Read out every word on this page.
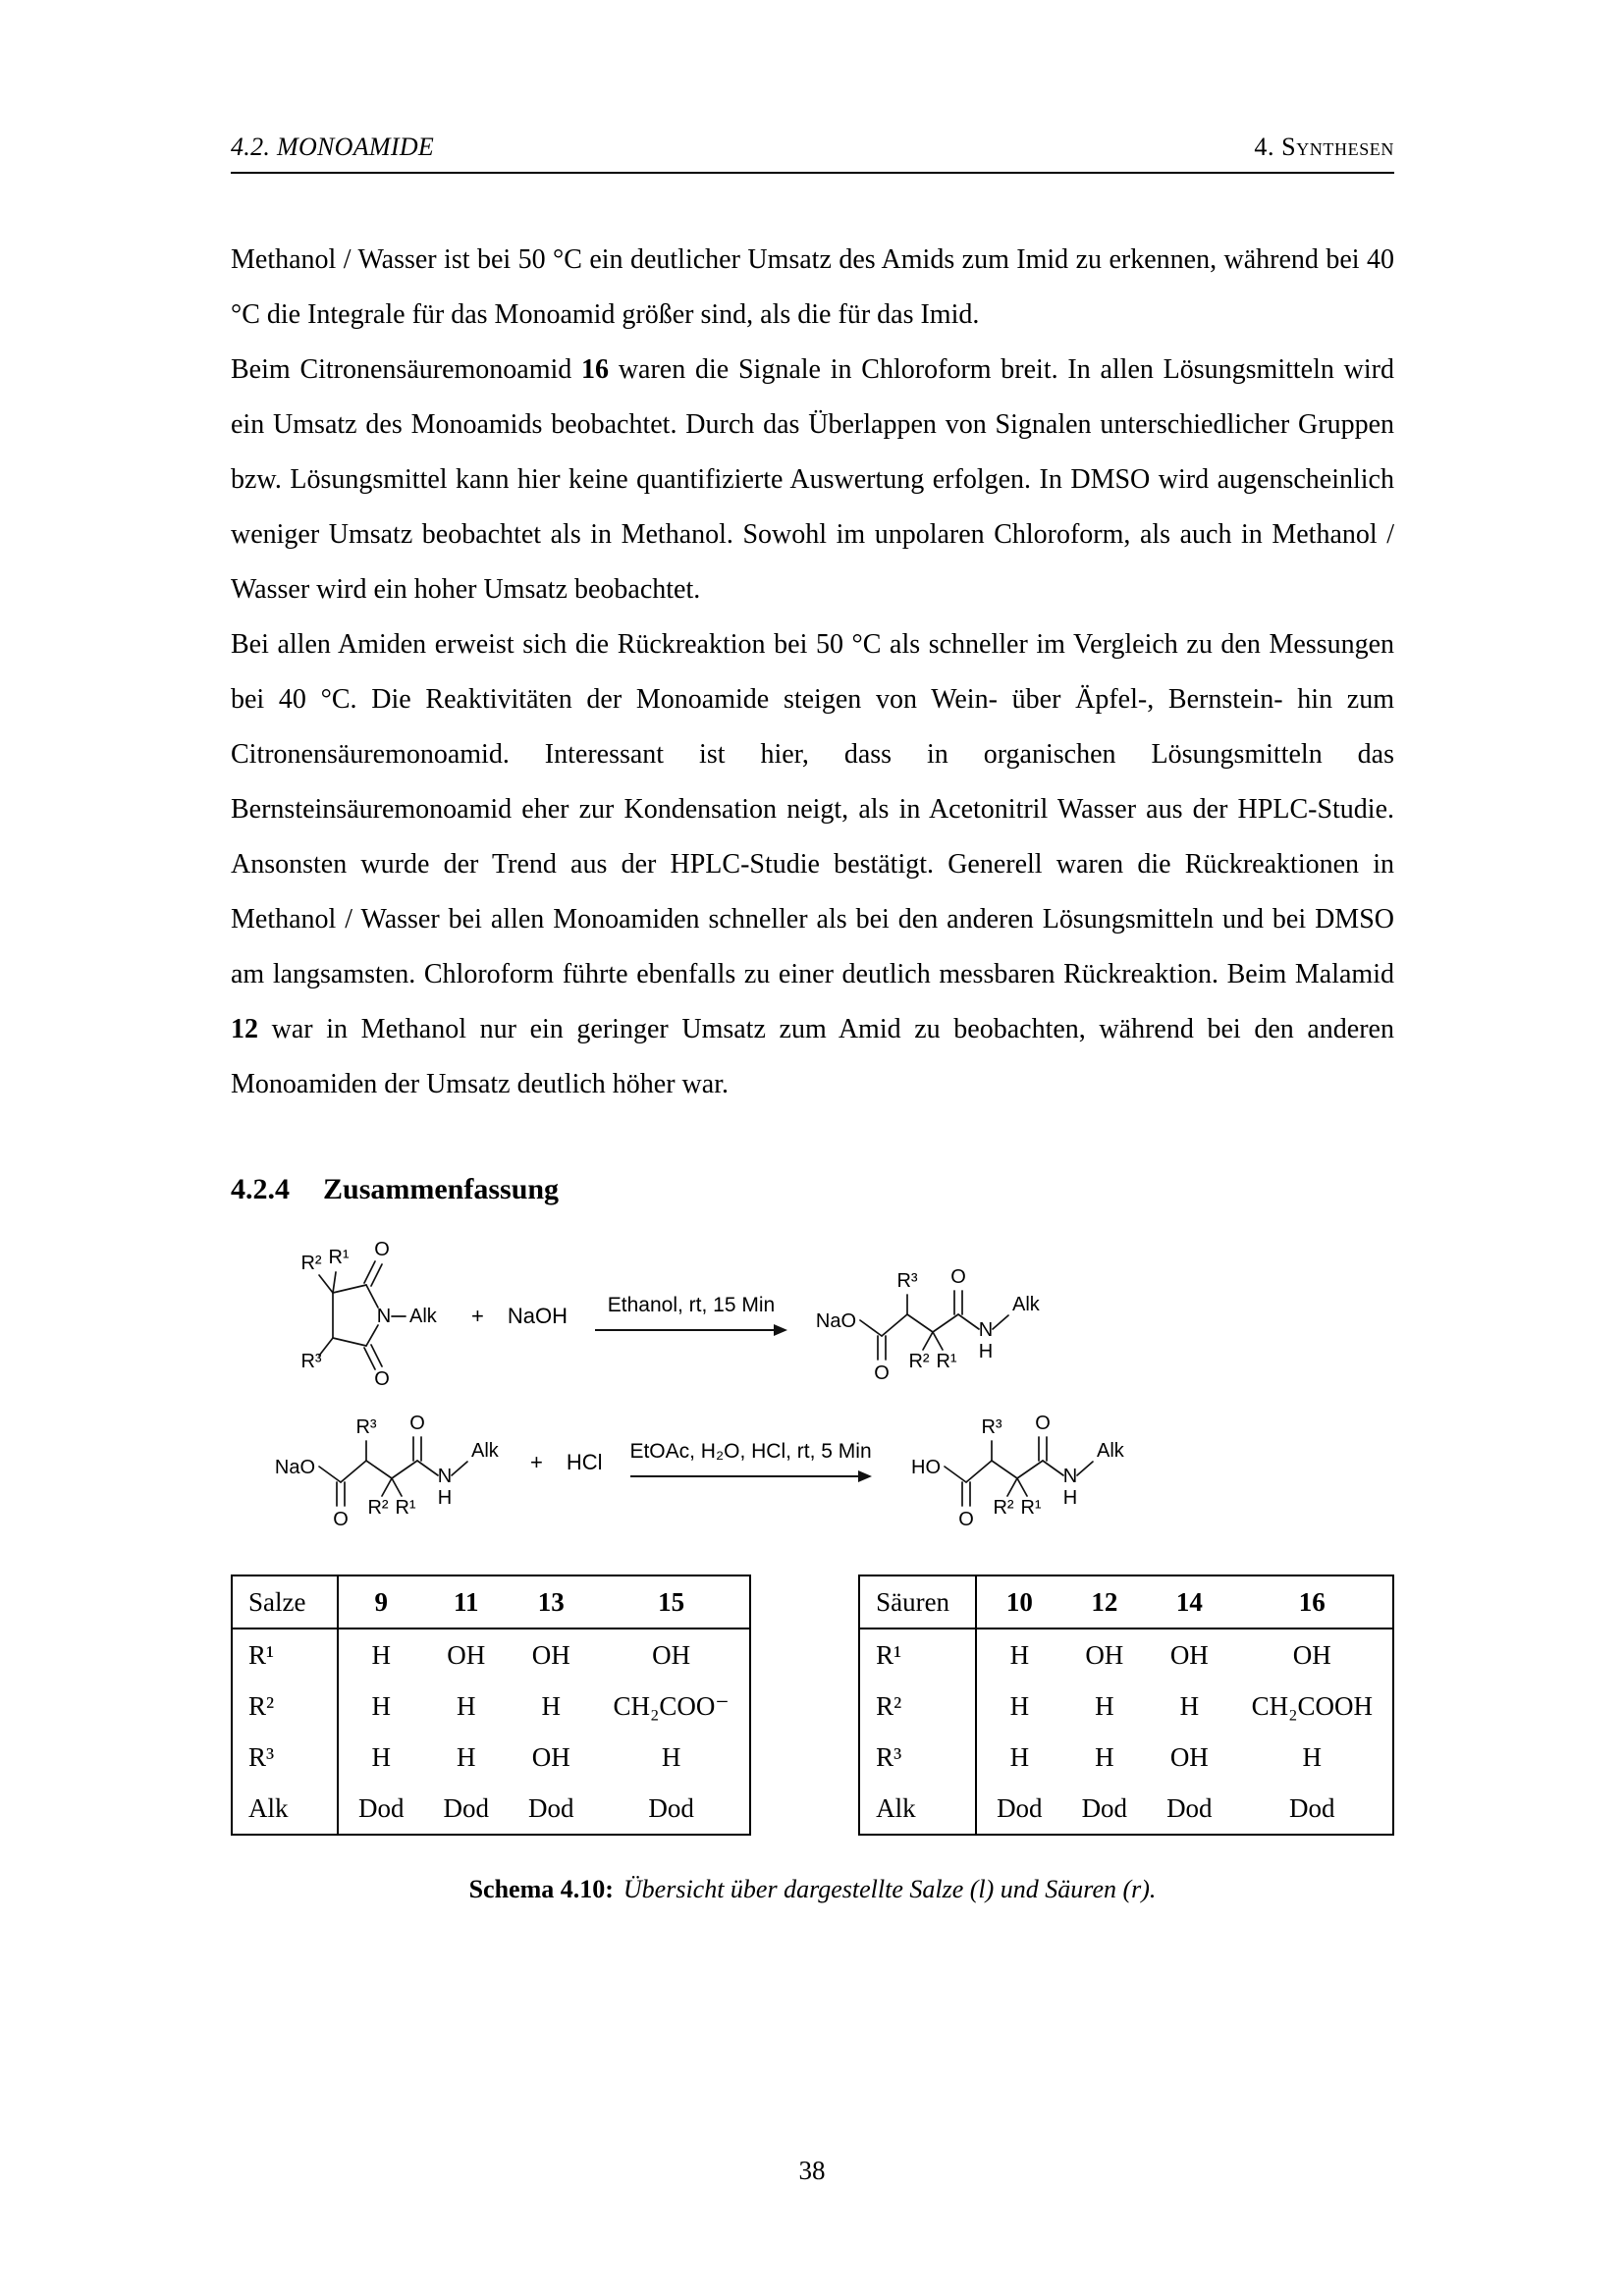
4.2. MONOAMIDE	4. Synthesen

Methanol / Wasser ist bei 50 °C ein deutlicher Umsatz des Amids zum Imid zu erkennen, während bei 40 °C die Integrale für das Monoamid größer sind, als die für das Imid.

Beim Citronensäuremonoamid 16 waren die Signale in Chloroform breit. In allen Lösungsmitteln wird ein Umsatz des Monoamids beobachtet. Durch das Überlappen von Signalen unterschiedlicher Gruppen bzw. Lösungsmittel kann hier keine quantifizierte Auswertung erfolgen. In DMSO wird augenscheinlich weniger Umsatz beobachtet als in Methanol. Sowohl im unpolaren Chloroform, als auch in Methanol / Wasser wird ein hoher Umsatz beobachtet.

Bei allen Amiden erweist sich die Rückreaktion bei 50 °C als schneller im Vergleich zu den Messungen bei 40 °C. Die Reaktivitäten der Monoamide steigen von Wein- über Äpfel-, Bernstein- hin zum Citronensäuremonoamid. Interessant ist hier, dass in organischen Lösungsmitteln das Bernsteinsäuremonoamid eher zur Kondensation neigt, als in Acetonitril Wasser aus der HPLC-Studie. Ansonsten wurde der Trend aus der HPLC-Studie bestätigt. Generell waren die Rückreaktionen in Methanol / Wasser bei allen Monoamiden schneller als bei den anderen Lösungsmitteln und bei DMSO am langsamsten. Chloroform führte ebenfalls zu einer deutlich messbaren Rückreaktion. Beim Malamid 12 war in Methanol nur ein geringer Umsatz zum Amid zu beobachten, während bei den anderen Monoamiden der Umsatz deutlich höher war.

4.2.4 Zusammenfassung
R² R¹
R³
O
O
N Alk + NaOH Ethanol, rt, 15 Min
NaO
O
R³
R² R¹
O
N
H
Alk
NaO
O
R³
R² R¹
O
N
H
Alk + HCl EtOAc, H₂O, HCl, rt, 5 Min
HO
O
R³
R² R¹
O
N
H
Alk
Salze	9	11	13	15
R¹	H	OH	OH	OH
R²	H	H	H	CH₂COO⁻
R³	H	H	OH	H
Alk	Dod	Dod	Dod	Dod
Säuren	10	12	14	16
R¹	H	OH	OH	OH
R²	H	H	H	CH₂COOH
R³	H	H	OH	H
Alk	Dod	Dod	Dod	Dod
Schema 4.10: Übersicht über dargestellte Salze (l) und Säuren (r).
38
